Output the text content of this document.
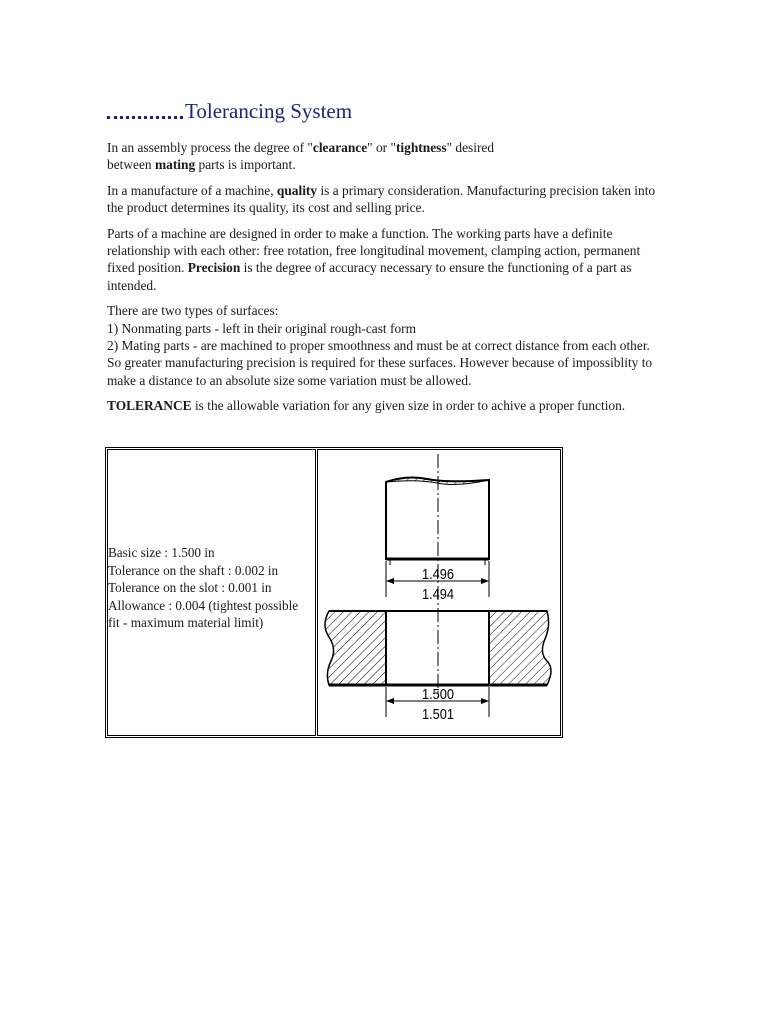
Tolerancing System

In an assembly process the degree of "clearance" or "tightness" desired
between mating parts is important.

In a manufacture of a machine, quality is a primary consideration. Manufacturing precision taken into the product determines its quality, its cost and selling price.

Parts of a machine are designed in order to make a function. The working parts have a definite relationship with each other: free rotation, free longitudinal movement, clamping action, permanent fixed position. Precision is the degree of accuracy necessary to ensure the functioning of a part as intended.

There are two types of surfaces:
1) Nonmating parts - left in their original rough-cast form
2) Mating parts - are machined to proper smoothness and must be at correct distance from each other. So greater manufacturing precision is required for these surfaces. However because of impossiblity to make a distance to an absolute size some variation must be allowed.

TOLERANCE is the allowable variation for any given size in order to achive a proper function.

Basic size : 1.500 in
Tolerance on the shaft : 0.002 in
Tolerance on the slot : 0.001 in
Allowance : 0.004 (tightest possible fit - maximum material limit)
1.496
1.494
1.500
1.501
